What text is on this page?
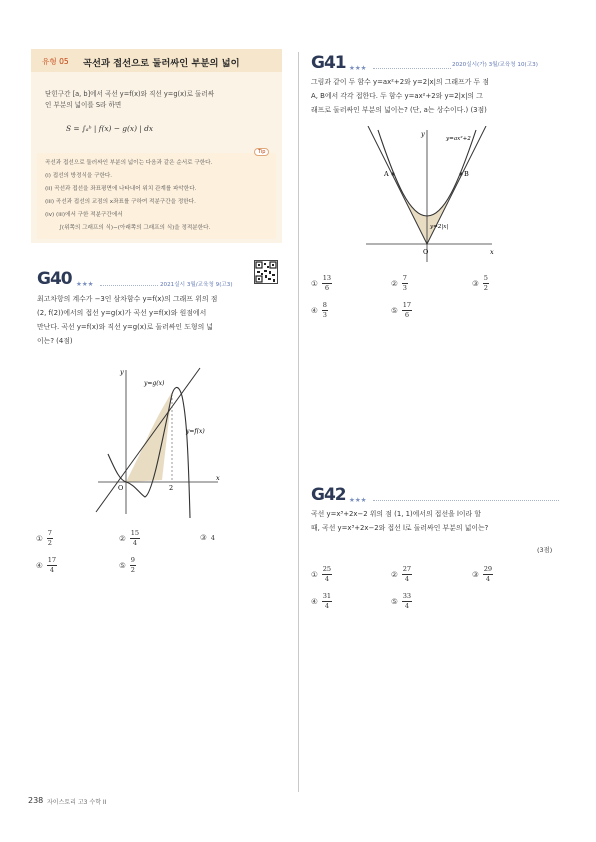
유형 05 곡선과 접선으로 둘러싸인 부분의 넓이
닫힌구간 [a, b]에서 곡선 y=f(x)와 직선 y=g(x)로 둘러싸
인 부분의 넓이를 S라 하면
S = ∫ₐᵇ | f(x) − g(x) | dx
곡선과 접선으로 둘러싸인 부분의 넓이는 다음과 같은 순서로 구한다.
(i) 접선의 방정식을 구한다.
(ii) 곡선과 접선을 좌표평면에 나타내어 위치 관계를 파악한다.
(iii) 곡선과 접선의 교점의 x좌표를 구하여 적분구간을 정한다.
(iv) (iii)에서 구한 적분구간에서
∫(위쪽의 그래프의 식)−(아래쪽의 그래프의 식)을 정적분한다.
Tip
G40 ★★★	2021실시 3월/교육청 9(고3)
최고차항의 계수가 −3인 삼차함수 y=f(x)의 그래프 위의 점
(2, f(2))에서의 접선 y=g(x)가 곡선 y=f(x)와 원점에서
만난다. 곡선 y=f(x)와 직선 y=g(x)로 둘러싸인 도형의 넓
이는? (4점)
y
x
O	2
y=g(x)
y=f(x)
① $\frac{7}{2}$	② $\frac{15}{4}$	③ 4
④ $\frac{17}{4}$	⑤ $\frac{9}{2}$
G41 ★★★	2020실시(가) 3월/교육청 10(고3)
그림과 같이 두 함수 y=ax²+2와 y=2|x|의 그래프가 두 점
A, B에서 각각 접한다. 두 함수 y=ax²+2와 y=2|x|의 그
래프로 둘러싸인 부분의 넓이는? (단, a는 상수이다.) (3점)
A	B
y
x
O
y=ax²+2
y=2|x|
① $\frac{13}{6}$	② $\frac{7}{3}$	③ $\frac{5}{2}$
④ $\frac{8}{3}$	⑤ $\frac{17}{6}$
G42 ★★★
곡선 y=x³+2x−2 위의 점 (1, 1)에서의 접선을 l이라 할
때, 곡선 y=x³+2x−2와 접선 l로 둘러싸인 부분의 넓이는?
(3점)
① $\frac{25}{4}$	② $\frac{27}{4}$	③ $\frac{29}{4}$
④ $\frac{31}{4}$	⑤ $\frac{33}{4}$
238 자이스토리 고3 수학 II
